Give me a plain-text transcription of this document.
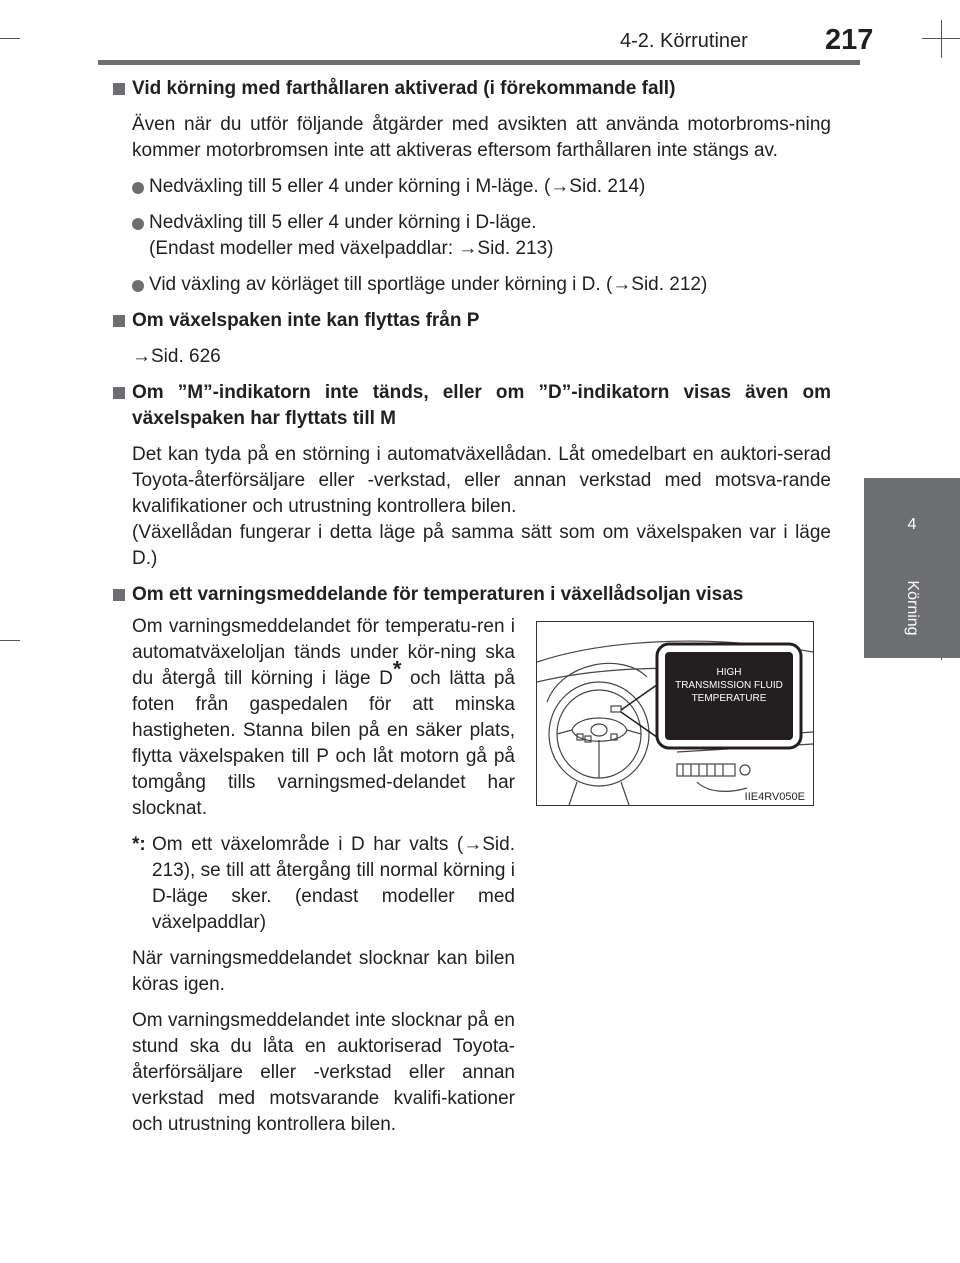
4-2. Körrutiner	217
4
Körning
Vid körning med farthållaren aktiverad (i förekommande fall)
Även när du utför följande åtgärder med avsikten att använda motorbroms-ning kommer motorbromsen inte att aktiveras eftersom farthållaren inte stängs av.
Nedväxling till 5 eller 4 under körning i M-läge. (→Sid. 214)
Nedväxling till 5 eller 4 under körning i D-läge.
(Endast modeller med växelpaddlar: →Sid. 213)
Vid växling av körläget till sportläge under körning i D. (→Sid. 212)
Om växelspaken inte kan flyttas från P
→Sid. 626
Om ”M”-indikatorn inte tänds, eller om ”D”-indikatorn visas även om växelspaken har flyttats till M
Det kan tyda på en störning i automatväxellådan. Låt omedelbart en auktori-serad Toyota-återförsäljare eller -verkstad, eller annan verkstad med motsva-rande kvalifikationer och utrustning kontrollera bilen.
(Växellådan fungerar i detta läge på samma sätt som om växelspaken var i läge D.)
Om ett varningsmeddelande för temperaturen i växellådsoljan visas
Om varningsmeddelandet för temperatu-ren i automatväxeloljan tänds under kör-ning ska du återgå till körning i läge D* och lätta på foten från gaspedalen för att minska hastigheten. Stanna bilen på en säker plats, flytta växelspaken till P och låt motorn gå på tomgång tills varningsmed-delandet har slocknat.
*: Om ett växelområde i D har valts (→Sid. 213), se till att återgång till normal körning i D-läge sker. (endast modeller med växelpaddlar)
När varningsmeddelandet slocknar kan bilen köras igen.
Om varningsmeddelandet inte slocknar på en stund ska du låta en auktoriserad Toyota-återförsäljare eller -verkstad eller annan verkstad med motsvarande kvalifi-kationer och utrustning kontrollera bilen.
HIGH
TRANSMISSION FLUID
TEMPERATURE
IIE4RV050E
